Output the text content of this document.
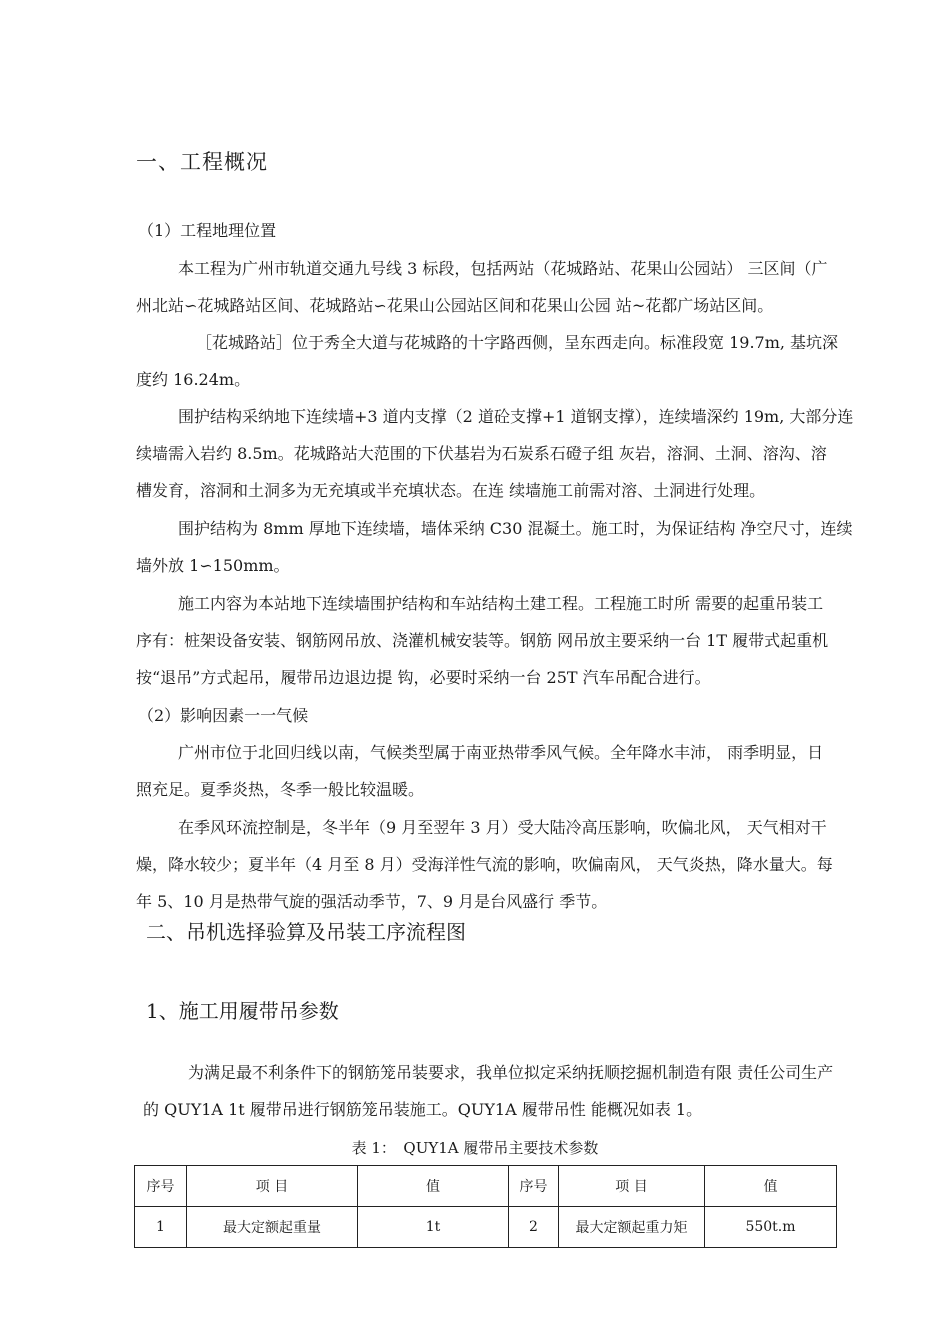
一、工程概况
（1）工程地理位置
本工程为广州市轨道交通九号线 3 标段，包括两站（花城路站、花果山公园站） 三区间（广
州北站∽花城路站区间、花城路站∽花果山公园站区间和花果山公园 站~花都广场站区间。
［花城路站］位于秀全大道与花城路的十字路西侧，呈东西走向。标准段宽 19.7m, 基坑深
度约 16.24m。
围护结构采纳地下连续墙+3 道内支撑（2 道砼支撑+1 道钢支撑），连续墙深约 19m, 大部分连
续墙需入岩约 8.5m。花城路站大范围的下伏基岩为石炭系石磴子组 灰岩，溶洞、土洞、溶沟、溶
槽发育，溶洞和土洞多为无充填或半充填状态。在连 续墙施工前需对溶、土洞进行处理。
围护结构为 8mm 厚地下连续墙，墙体采纳 C30 混凝土。施工时，为保证结构 净空尺寸，连续
墙外放 1∽150mm。
施工内容为本站地下连续墙围护结构和车站结构土建工程。工程施工时所 需要的起重吊装工
序有：桩架设备安装、钢筋网吊放、浇灌机械安装等。钢筋 网吊放主要采纳一台 1T 履带式起重机
按“退吊”方式起吊，履带吊边退边提 钩，必要时采纳一台 25T 汽车吊配合进行。
（2）影响因素一一气候
广州市位于北回归线以南，气候类型属于南亚热带季风气候。全年降水丰沛， 雨季明显，日
照充足。夏季炎热，冬季一般比较温暖。
在季风环流控制是，冬半年（9 月至翌年 3 月）受大陆冷高压影响，吹偏北风， 天气相对干
燥，降水较少；夏半年（4 月至 8 月）受海洋性气流的影响，吹偏南风， 天气炎热，降水量大。每
年 5、10 月是热带气旋的强活动季节，7、9 月是台风盛行 季节。
二、吊机选择验算及吊装工序流程图
1、施工用履带吊参数
为满足最不利条件下的钢筋笼吊装要求，我单位拟定采纳抚顺挖掘机制造有限 责任公司生产
的 QUY1A 1t 履带吊进行钢筋笼吊装施工。QUY1A 履带吊性 能概况如表 1。
表 1：　QUY1A 履带吊主要技术参数
序号	项 目	值	序号	项 目	值
1	最大定额起重量	1t	2	最大定额起重力矩	550t.m
